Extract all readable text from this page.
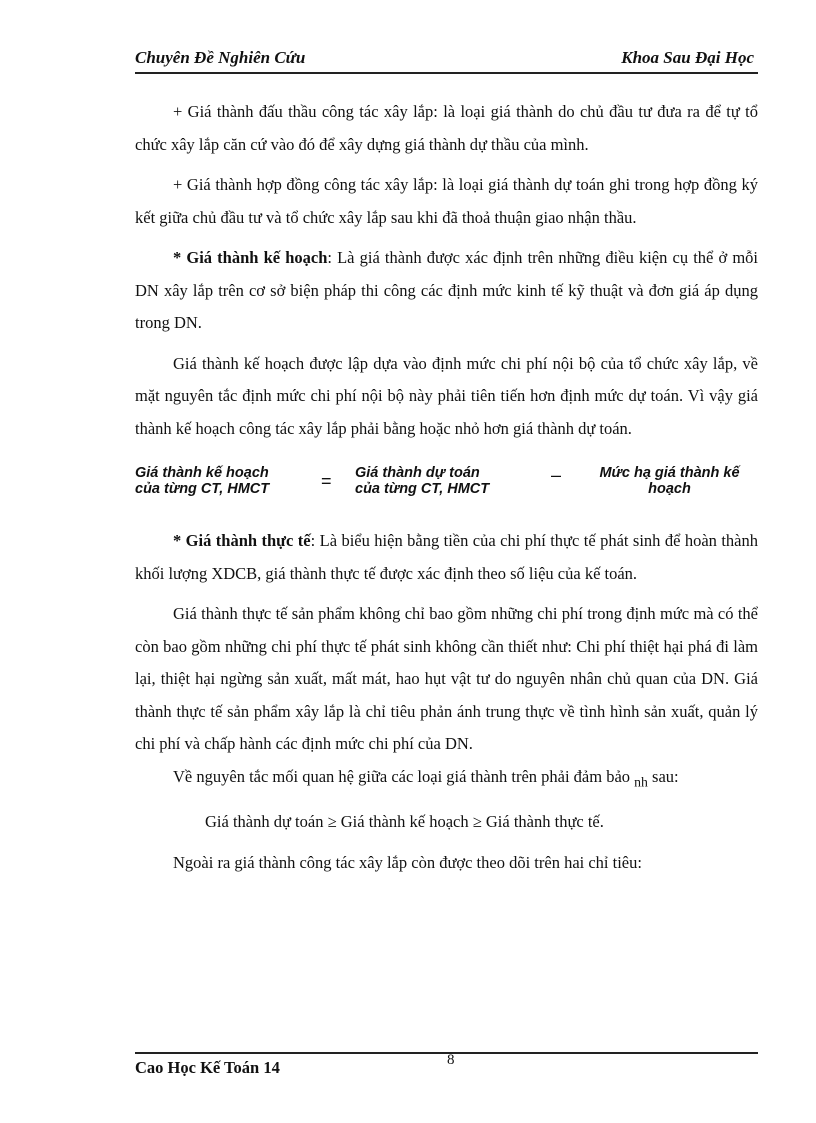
Chuyên Đề Nghiên Cứu	Khoa Sau Đại Học

+ Giá thành đấu thầu công tác xây lắp: là loại giá thành do chủ đầu tư đưa ra để tự tổ chức xây lắp căn cứ vào đó để xây dựng giá thành dự thầu của mình.

+ Giá thành hợp đồng công tác xây lắp: là loại giá thành dự toán ghi trong hợp đồng ký kết giữa chủ đầu tư và tổ chức xây lắp sau khi đã thoả thuận giao nhận thầu.

* Giá thành kế hoạch: Là giá thành được xác định trên những điều kiện cụ thể ở mỗi DN xây lắp trên cơ sở biện pháp thi công các định mức kinh tế kỹ thuật và đơn giá áp dụng trong DN.

Giá thành kế hoạch được lập dựa vào định mức chi phí nội bộ của tổ chức xây lắp, về mặt nguyên tắc định mức chi phí nội bộ này phải tiên tiến hơn định mức dự toán. Vì vậy giá thành kế hoạch công tác xây lắp phải bằng hoặc nhỏ hơn giá thành dự toán.

Giá thành kế hoạch
của từng CT, HMCT	= Giá thành dự toán
của từng CT, HMCT
–	Mức hạ giá thành kế
hoạch

* Giá thành thực tế: Là biểu hiện bằng tiền của chi phí thực tế phát sinh để hoàn thành khối lượng XDCB, giá thành thực tế được xác định theo số liệu của kế toán.

Giá thành thực tế sản phẩm không chỉ bao gồm những chi phí trong định mức mà có thể còn bao gồm những chi phí thực tế phát sinh không cần thiết như: Chi phí thiệt hại phá đi làm lại, thiệt hại ngừng sản xuất, mất mát, hao hụt vật tư do nguyên nhân chủ quan của DN. Giá thành thực tế sản phẩm xây lắp là chỉ tiêu phản ánh trung thực về tình hình sản xuất, quản lý chi phí và chấp hành các định mức chi phí của DN.

Về nguyên tắc mối quan hệ giữa các loại giá thành trên phải đảm bảo $_{nh}$ sau:

Giá thành dự toán ≥ Giá thành kế hoạch ≥ Giá thành thực tế.

Ngoài ra giá thành công tác xây lắp còn được theo dõi trên hai chỉ tiêu:

Cao Học Kế Toán 14	8
